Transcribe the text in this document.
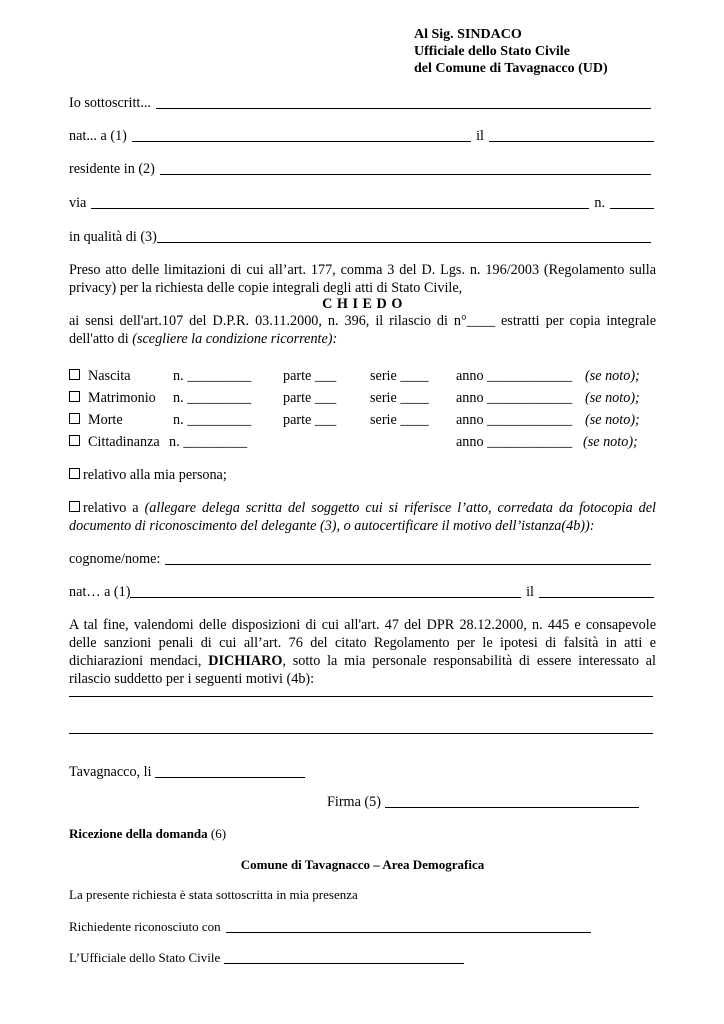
Al Sig. SINDACO
Ufficiale dello Stato Civile
del Comune di Tavagnacco (UD)
Io sottoscritt...
nat... a (1)	il
residente in (2)
via	n.
in qualità di (3)
Preso atto delle limitazioni di cui all’art. 177, comma 3 del D. Lgs. n. 196/2003 (Regolamento sulla privacy) per la richiesta delle copie integrali degli atti di Stato Civile,
C H I E D O
ai sensi dell'art.107 del D.P.R. 03.11.2000, n. 396, il rilascio di n°____ estratti per copia integrale dell'atto di (scegliere la condizione ricorrente):
Nascita	n. _________ parte ___ serie ____ anno ____________ (se noto);
Matrimonio n. _________ parte ___ serie ____ anno ____________ (se noto);
Morte	n. _________ parte ___ serie ____ anno ____________ (se noto);
Cittadinanza n. _________	anno ____________ (se noto);
relativo alla mia persona;
relativo a (allegare delega scritta del soggetto cui si riferisce l’atto, corredata da fotocopia del documento di riconoscimento del delegante (3), o autocertificare il motivo dell’istanza(4b)):
cognome/nome:
nat… a (1)	il
A tal fine, valendomi delle disposizioni di cui all'art. 47 del DPR 28.12.2000, n. 445 e consapevole delle sanzioni penali di cui all’art. 76 del citato Regolamento per le ipotesi di falsità in atti e dichiarazioni mendaci, DICHIARO, sotto la mia personale responsabilità di essere interessato al rilascio suddetto per i seguenti motivi (4b):
Tavagnacco, li
Firma (5)
Ricezione della domanda (6)
Comune di Tavagnacco – Area Demografica
La presente richiesta è stata sottoscritta in mia presenza
Richiedente riconosciuto con
L’Ufficiale dello Stato Civile
